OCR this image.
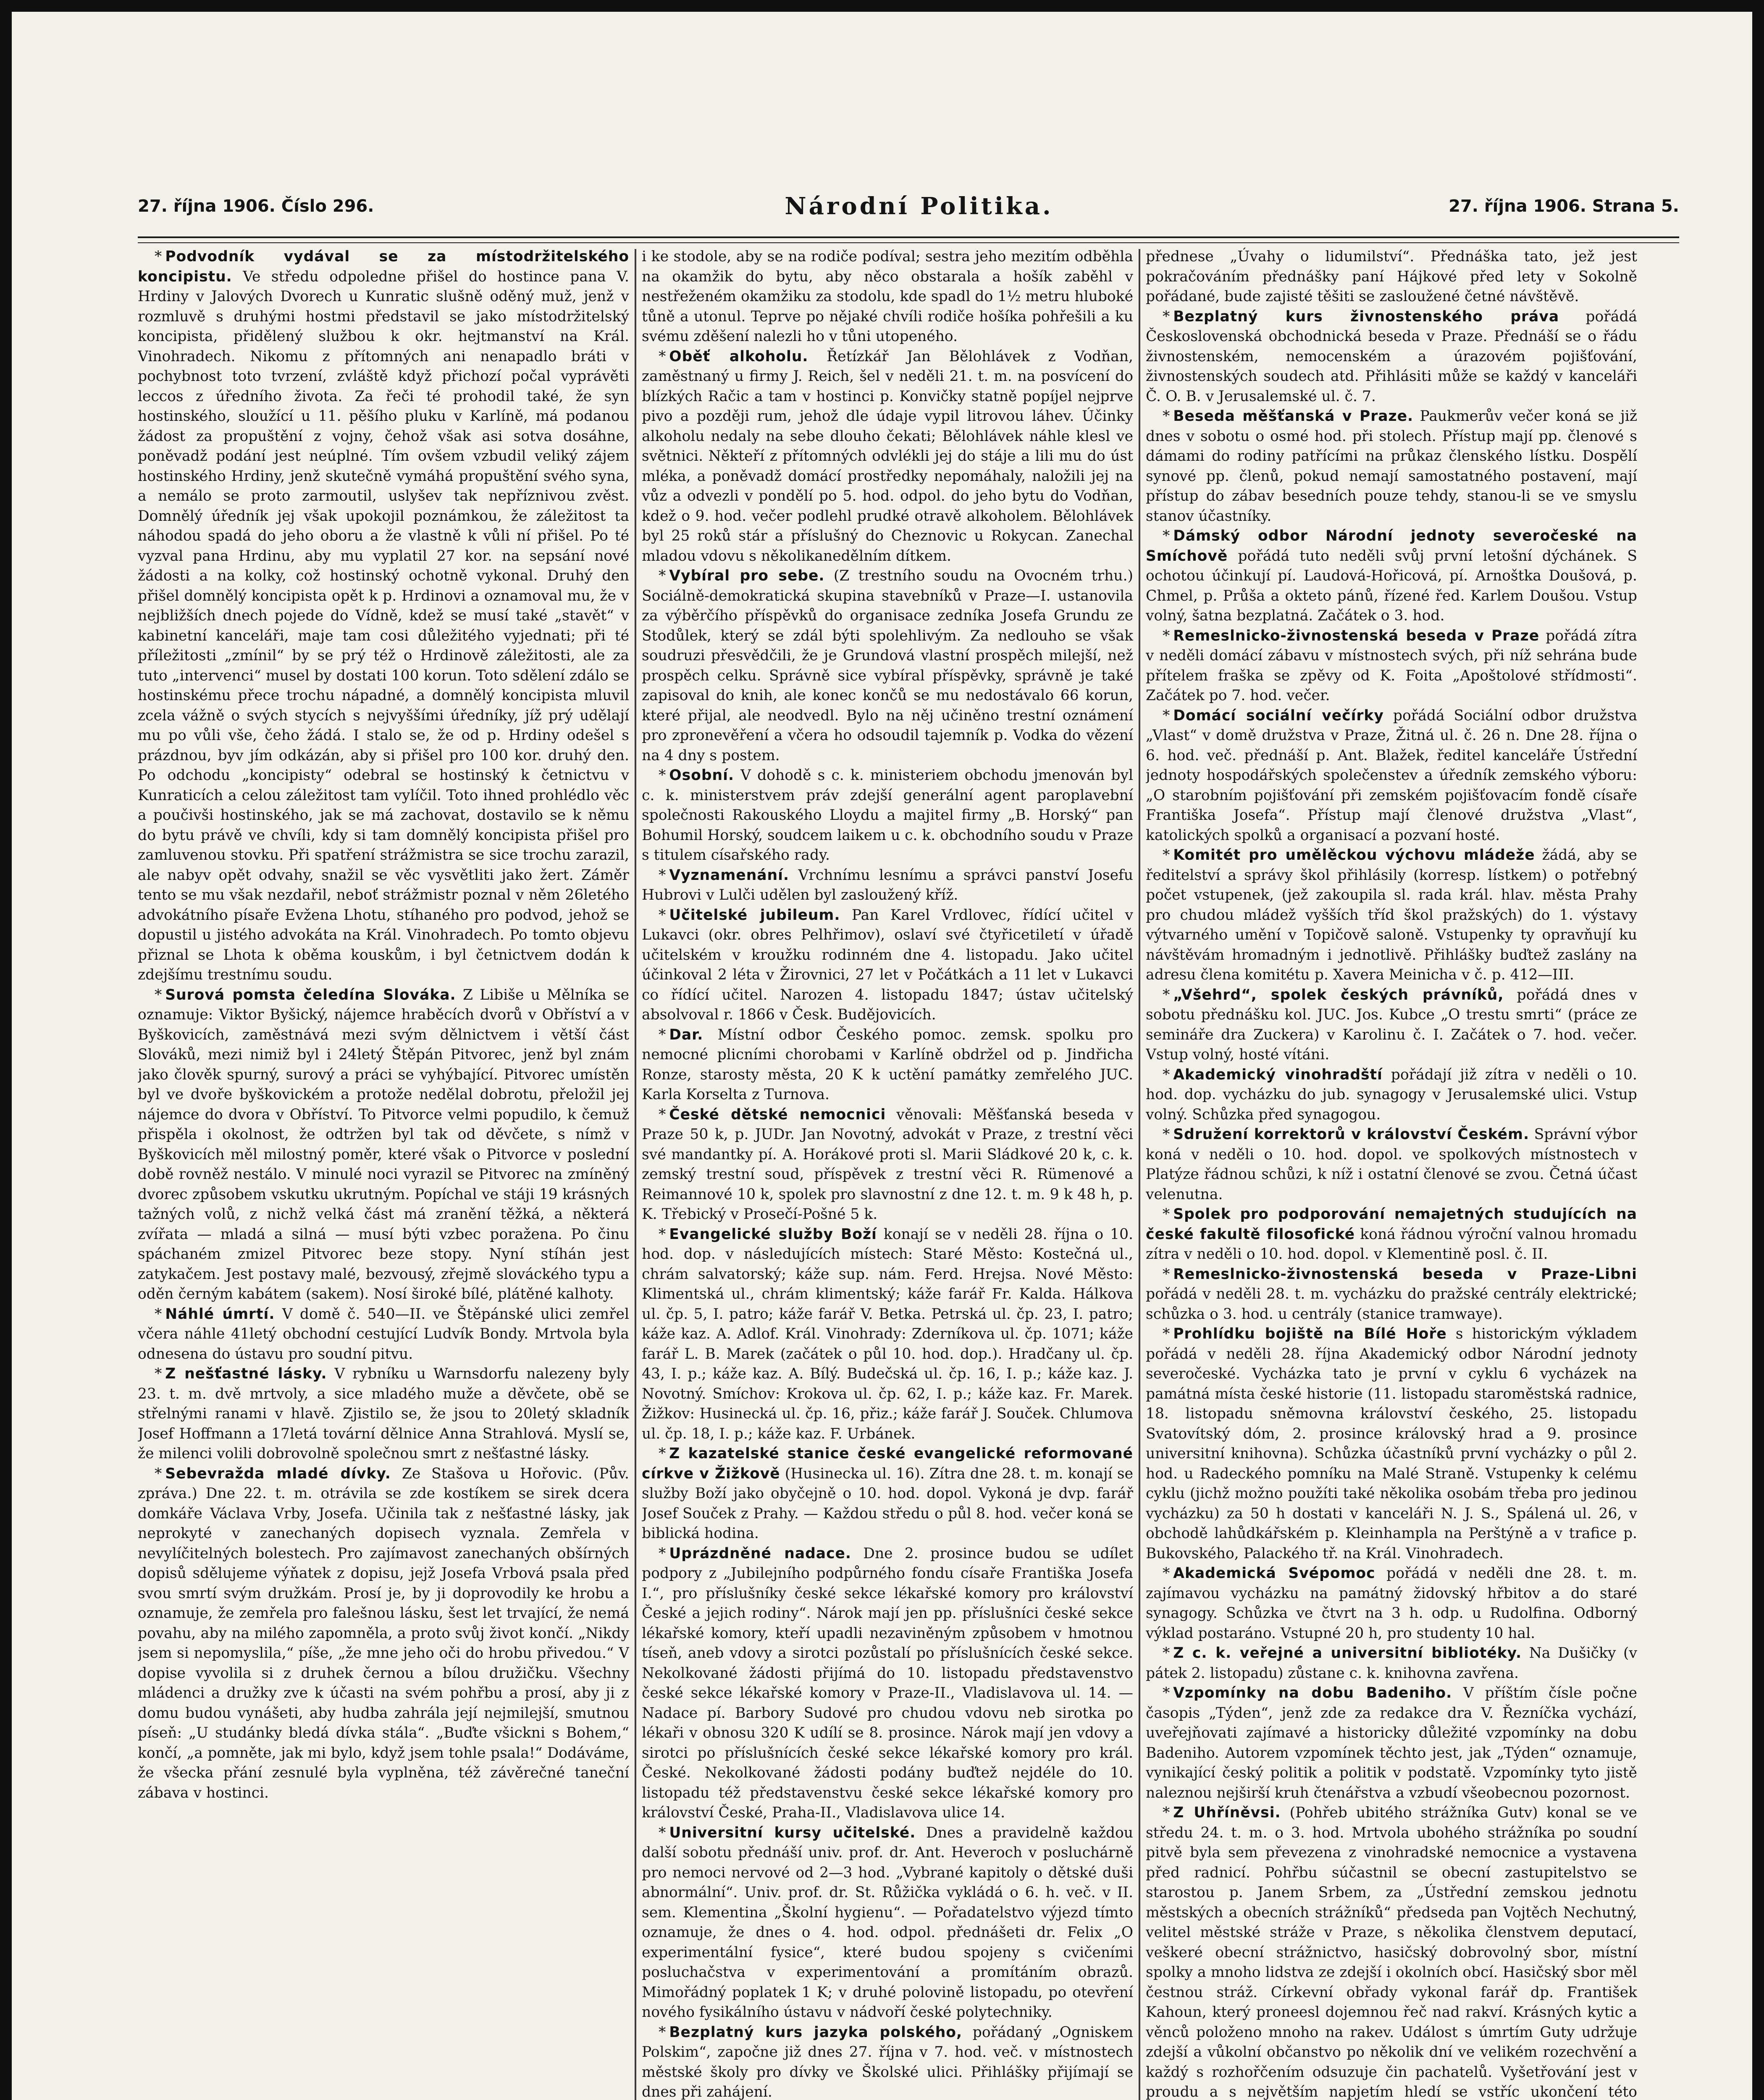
27. října 1906. Číslo 296.	Národní Politika.	27. října 1906. Strana 5.

* Podvodník vydával se za místodržitelského koncipistu. Ve středu odpoledne přišel do hostince pana V. Hrdiny v Jalových Dvorech u Kunratic slušně oděný muž, jenž v rozmluvě s druhými hostmi představil se jako místodržitelský koncipista, přidělený službou k okr. hejtmanství na Král. Vinohradech. Nikomu z přítomných ani nenapadlo bráti v pochybnost toto tvrzení, zvláště když přichozí počal vyprávěti leccos z úředního života. Za řeči té prohodil také, že syn hostinského, sloužící u 11. pěšího pluku v Karlíně, má podanou žádost za propuštění z vojny, čehož však asi sotva dosáhne, poněvadž podání jest neúplné. Tím ovšem vzbudil veliký zájem hostinského Hrdiny, jenž skutečně vymáhá propuštění svého syna, a nemálo se proto zarmoutil, uslyšev tak nepříznivou zvěst. Domnělý úředník jej však upokojil poznámkou, že záležitost ta náhodou spadá do jeho oboru a že vlastně k vůli ní přišel. Po té vyzval pana Hrdinu, aby mu vyplatil 27 kor. na sepsání nové žádosti a na kolky, což hostinský ochotně vykonal. Druhý den přišel domnělý koncipista opět k p. Hrdinovi a oznamoval mu, že v nejbližších dnech pojede do Vídně, kdež se musí také „stavět“ v kabinetní kanceláři, maje tam cosi důležitého vyjednati; při té příležitosti „zmínil“ by se prý též o Hrdinově záležitosti, ale za tuto „intervenci“ musel by dostati 100 korun. Toto sdělení zdálo se hostinskému přece trochu nápadné, a domnělý koncipista mluvil zcela vážně o svých stycích s nejvyššími úředníky, jíž prý udělají mu po vůli vše, čeho žádá. I stalo se, že od p. Hrdiny odešel s prázdnou, byv jím odkázán, aby si přišel pro 100 kor. druhý den. Po odchodu „koncipisty“ odebral se hostinský k četnictvu v Kunraticích a celou záležitost tam vylíčil. Toto ihned prohlédlo věc a poučivši hostinského, jak se má zachovat, dostavilo se k němu do bytu právě ve chvíli, kdy si tam domnělý koncipista přišel pro zamluvenou stovku. Při spatření strážmistra se sice trochu zarazil, ale nabyv opět odvahy, snažil se věc vysvětliti jako žert. Záměr tento se mu však nezdařil, neboť strážmistr poznal v něm 26letého advokátního písaře Evžena Lhotu, stíhaného pro podvod, jehož se dopustil u jistého advokáta na Král. Vinohradech. Po tomto objevu přiznal se Lhota k oběma kouskům, i byl četnictvem dodán k zdejšímu trestnímu soudu.

* Surová pomsta čeledína Slováka. Z Libiše u Mělníka se oznamuje: Viktor Byšický, nájemce hraběcích dvorů v Obříství a v Byškovicích, zaměstnává mezi svým dělnictvem i větší část Slováků, mezi nimiž byl i 24letý Štěpán Pitvorec, jenž byl znám jako člověk spurný, surový a práci se vyhýbající. Pitvorec umístěn byl ve dvoře byškovickém a protože nedělal dobrotu, přeložil jej nájemce do dvora v Obříství. To Pitvorce velmi popudilo, k čemuž přispěla i okolnost, že odtržen byl tak od děvčete, s nímž v Byškovicích měl milostný poměr, které však o Pitvorce v poslední době rovněž nestálo. V minulé noci vyrazil se Pitvorec na zmíněný dvorec způsobem vskutku ukrutným. Popíchal ve stáji 19 krásných tažných volů, z nichž velká část má zranění těžká, a některá zvířata — mladá a silná — musí býti vzbec poražena. Po činu spáchaném zmizel Pitvorec beze stopy. Nyní stíhán jest zatykačem. Jest postavy malé, bezvousý, zřejmě slováckého typu a oděn černým kabátem (sakem). Nosí široké bílé, plátěné kalhoty.

* Náhlé úmrtí. V domě č. 540—II. ve Štěpánské ulici zemřel včera náhle 41letý obchodní cestující Ludvík Bondy. Mrtvola byla odnesena do ústavu pro soudní pitvu.

* Z nešťastné lásky. V rybníku u Warnsdorfu nalezeny byly 23. t. m. dvě mrtvoly, a sice mladého muže a děvčete, obě se střelnými ranami v hlavě. Zjistilo se, že jsou to 20letý skladník Josef Hoffmann a 17letá tovární dělnice Anna Strahlová. Myslí se, že milenci volili dobrovolně společnou smrt z nešťastné lásky.

* Sebevražda mladé dívky. Ze Stašova u Hořovic. (Pův. zpráva.) Dne 22. t. m. otrávila se zde kostíkem se sirek dcera domkáře Václava Vrby, Josefa. Učinila tak z nešťastné lásky, jak neprokyté v zanechaných dopisech vyznala. Zemřela v nevylíčitelných bolestech. Pro zajímavost zanechaných obšírných dopisů sdělujeme výňatek z dopisu, jejž Josefa Vrbová psala před svou smrtí svým družkám. Prosí je, by ji doprovodily ke hrobu a oznamuje, že zemřela pro falešnou lásku, šest let trvající, že nemá povahu, aby na milého zapomněla, a proto svůj život končí. „Nikdy jsem si nepomyslila,“ píše, „že mne jeho oči do hrobu přivedou.“ V dopise vyvolila si z druhek černou a bílou družičku. Všechny mládenci a družky zve k účasti na svém pohřbu a prosí, aby ji z domu budou vynášeti, aby hudba zahrála její nejmilejší, smutnou píseň: „U studánky bledá dívka stála“. „Buďte všickni s Bohem,“ končí, „a pomněte, jak mi bylo, když jsem tohle psala!“ Dodáváme, že všecka přání zesnulé byla vyplněna, též závěrečné taneční zábava v hostinci.

i ke stodole, aby se na rodiče podíval; sestra jeho mezitím odběhla na okamžik do bytu, aby něco obstarala a hošík zaběhl v nestřeženém okamžiku za stodolu, kde spadl do 1½ metru hluboké tůně a utonul. Teprve po nějaké chvíli rodiče hošíka pohřešili a ku svému zděšení nalezli ho v tůni utopeného.

* Oběť alkoholu. Řetízkář Jan Bělohlávek z Vodňan, zaměstnaný u firmy J. Reich, šel v neděli 21. t. m. na posvícení do blízkých Račic a tam v hostinci p. Konvičky statně popíjel nejprve pivo a později rum, jehož dle údaje vypil litrovou láhev. Účinky alkoholu nedaly na sebe dlouho čekati; Bělohlávek náhle klesl ve světnici. Někteří z přítomných odvlékli jej do stáje a lili mu do úst mléka, a poněvadž domácí prostředky nepomáhaly, naložili jej na vůz a odvezli v pondělí po 5. hod. odpol. do jeho bytu do Vodňan, kdež o 9. hod. večer podlehl prudké otravě alkoholem. Bělohlávek byl 25 roků stár a příslušný do Cheznovic u Rokycan. Zanechal mladou vdovu s několikanedělním dítkem.

* Vybíral pro sebe. (Z trestního soudu na Ovocném trhu.) Sociálně-demokratická skupina stavebníků v Praze—I. ustanovila za výběrčího příspěvků do organisace zedníka Josefa Grundu ze Stodůlek, který se zdál býti spolehlivým. Za nedlouho se však soudruzi přesvědčili, že je Grundová vlastní prospěch milejší, než prospěch celku. Správně sice vybíral příspěvky, správně je také zapisoval do knih, ale konec končů se mu nedostávalo 66 korun, které přijal, ale neodvedl. Bylo na něj učiněno trestní oznámení pro zpronevěření a včera ho odsoudil tajemník p. Vodka do vězení na 4 dny s postem.

* Osobní. V dohodě s c. k. ministeriem obchodu jmenován byl c. k. ministerstvem práv zdejší generální agent paroplavební společnosti Rakouského Lloydu a majitel firmy „B. Horský“ pan Bohumil Horský, soudcem laikem u c. k. obchodního soudu v Praze s titulem císařského rady.

* Vyznamenání. Vrchnímu lesnímu a správci panství Josefu Hubrovi v Lulči udělen byl zasloužený kříž.

* Učitelské jubileum. Pan Karel Vrdlovec, řídící učitel v Lukavci (okr. obres Pelhřimov), oslaví své čtyřicetiletí v úřadě učitelském v kroužku rodinném dne 4. listopadu. Jako učitel účinkoval 2 léta v Žirovnici, 27 let v Počátkách a 11 let v Lukavci co řídící učitel. Narozen 4. listopadu 1847; ústav učitelský absolvoval r. 1866 v Česk. Budějovicích.

* Dar. Místní odbor Českého pomoc. zemsk. spolku pro nemocné plicními chorobami v Karlíně obdržel od p. Jindřicha Ronze, starosty města, 20 K k uctění památky zemřelého JUC. Karla Korselta z Turnova.

* České dětské nemocnici věnovali: Měšťanská beseda v Praze 50 k, p. JUDr. Jan Novotný, advokát v Praze, z trestní věci své mandantky pí. A. Horákové proti sl. Marii Sládkové 20 k, c. k. zemský trestní soud, příspěvek z trestní věci R. Rümenové a Reimannové 10 k, spolek pro slavnostní z dne 12. t. m. 9 k 48 h, p. K. Třebický v Prosečí-Pošné 5 k.

* Evangelické služby Boží konají se v neděli 28. října o 10. hod. dop. v následujících místech: Staré Město: Kostečná ul., chrám salvatorský; káže sup. nám. Ferd. Hrejsa. Nové Město: Klimentská ul., chrám klimentský; káže farář Fr. Kalda. Hálkova ul. čp. 5, I. patro; káže farář V. Betka. Petrská ul. čp. 23, I. patro; káže kaz. A. Adlof. Král. Vinohrady: Zderníkova ul. čp. 1071; káže farář L. B. Marek (začátek o půl 10. hod. dop.). Hradčany ul. čp. 43, I. p.; káže kaz. A. Bílý. Budečská ul. čp. 16, I. p.; káže kaz. J. Novotný. Smíchov: Krokova ul. čp. 62, I. p.; káže kaz. Fr. Marek. Žižkov: Husinecká ul. čp. 16, přiz.; káže farář J. Souček. Chlumova ul. čp. 18, I. p.; káže kaz. F. Urbánek.

* Z kazatelské stanice české evangelické reformované církve v Žižkově (Husinecka ul. 16). Zítra dne 28. t. m. konají se služby Boží jako obyčejně o 10. hod. dopol. Vykoná je dvp. farář Josef Souček z Prahy. — Každou středu o půl 8. hod. večer koná se biblická hodina.

* Uprázdněné nadace. Dne 2. prosince budou se udílet podpory z „Jubilejního podpůrného fondu císaře Františka Josefa I.“, pro příslušníky české sekce lékařské komory pro království České a jejich rodiny“. Nárok mají jen pp. příslušníci české sekce lékařské komory, kteří upadli nezaviněným způsobem v hmotnou tíseň, aneb vdovy a sirotci pozůstalí po příslušnících české sekce. Nekolkované žádosti přijímá do 10. listopadu představenstvo české sekce lékařské komory v Praze-II., Vladislavova ul. 14. — Nadace pí. Barbory Sudové pro chudou vdovu neb sirotka po lékaři v obnosu 320 K udílí se 8. prosince. Nárok mají jen vdovy a sirotci po příslušnících české sekce lékařské komory pro král. České. Nekolkované žádosti podány buďtež nejdéle do 10. listopadu též představenstvu české sekce lékařské komory pro království České, Praha-II., Vladislavova ulice 14.

* Universitní kursy učitelské. Dnes a pravidelně každou další sobotu přednáší univ. prof. dr. Ant. Heveroch v posluchárně pro nemoci nervové od 2—3 hod. „Vybrané kapitoly o dětské duši abnormální“. Univ. prof. dr. St. Růžička vykládá o 6. h. več. v II. sem. Klementina „Školní hygienu“. — Pořadatelstvo výjezd tímto oznamuje, že dnes o 4. hod. odpol. přednášeti dr. Felix „O experimentální fysice“, které budou spojeny s cvičeními posluchačstva v experimentování a promítáním obrazů. Mimořádný poplatek 1 K; v druhé polovině listopadu, po otevření nového fysikálního ústavu v nádvoří české polytechniky.

* Bezplatný kurs jazyka polského, pořádaný „Ogniskem Polskim“, započne již dnes 27. října v 7. hod. več. v místnostech městské školy pro dívky ve Školské ulici. Přihlášky přijímají se dnes při zahájení.

přednese „Úvahy o lidumilství“. Přednáška tato, jež jest pokračováním přednášky paní Hájkové před lety v Sokolně pořádané, bude zajisté těšiti se zasloužené četné návštěvě.

* Bezplatný kurs živnostenského práva pořádá Československá obchodnická beseda v Praze. Přednáší se o řádu živnostenském, nemocenském a úrazovém pojišťování, živnostenských soudech atd. Přihlásiti může se každý v kanceláři Č. O. B. v Jerusalemské ul. č. 7.

* Beseda měšťanská v Praze. Paukmerův večer koná se již dnes v sobotu o osmé hod. při stolech. Přístup mají pp. členové s dámami do rodiny patřícími na průkaz členského lístku. Dospělí synové pp. členů, pokud nemají samostatného postavení, mají přístup do zábav besedních pouze tehdy, stanou-li se ve smyslu stanov účastníky.

* Dámský odbor Národní jednoty severočeské na Smíchově pořádá tuto neděli svůj první letošní dýchánek. S ochotou účinkují pí. Laudová-Hořicová, pí. Arnoštka Doušová, p. Chmel, p. Průša a okteto pánů, řízené řed. Karlem Doušou. Vstup volný, šatna bezplatná. Začátek o 3. hod.

* Remeslnicko-živnostenská beseda v Praze pořádá zítra v neděli domácí zábavu v místnostech svých, při níž sehrána bude přítelem fraška se zpěvy od K. Foita „Apoštolové střídmosti“. Začátek po 7. hod. večer.

* Domácí sociální večírky pořádá Sociální odbor družstva „Vlast“ v domě družstva v Praze, Žitná ul. č. 26 n. Dne 28. října o 6. hod. več. přednáší p. Ant. Blažek, ředitel kanceláře Ústřední jednoty hospodářských společenstev a úředník zemského výboru: „O starobním pojišťování při zemském pojišťovacím fondě císaře Františka Josefa“. Přístup mají členové družstva „Vlast“, katolických spolků a organisací a pozvaní hosté.

* Komitét pro umělěckou výchovu mládeže žádá, aby se ředitelství a správy škol přihlásily (korresp. lístkem) o potřebný počet vstupenek, (jež zakoupila sl. rada král. hlav. města Prahy pro chudou mládež vyšších tříd škol pražských) do 1. výstavy výtvarného umění v Topičově saloně. Vstupenky ty opravňují ku návštěvám hromadným i jednotlivě. Přihlášky buďtež zaslány na adresu člena komitétu p. Xavera Meinicha v č. p. 412—III.

* „Všehrd“, spolek českých právníků, pořádá dnes v sobotu přednášku kol. JUC. Jos. Kubce „O trestu smrti“ (práce ze semináře dra Zuckera) v Karolinu č. I. Začátek o 7. hod. večer. Vstup volný, hosté vítáni.

* Akademický vinohradští pořádají již zítra v neděli o 10. hod. dop. vycházku do jub. synagogy v Jerusalemské ulici. Vstup volný. Schůzka před synagogou.

* Sdružení korrektorů v království Českém. Správní výbor koná v neděli o 10. hod. dopol. ve spolkových místnostech v Platýze řádnou schůzi, k níž i ostatní členové se zvou. Četná účast velenutna.

* Spolek pro podporování nemajetných studujících na české fakultě filosofické koná řádnou výroční valnou hromadu zítra v neděli o 10. hod. dopol. v Klementině posl. č. II.

* Remeslnicko-živnostenská beseda v Praze-Libni pořádá v neděli 28. t. m. vycházku do pražské centrály elektrické; schůzka o 3. hod. u centrály (stanice tramwaye).

* Prohlídku bojiště na Bílé Hoře s historickým výkladem pořádá v neděli 28. října Akademický odbor Národní jednoty severočeské. Vycházka tato je první v cyklu 6 vycházek na památná místa české historie (11. listopadu staroměstská radnice, 18. listopadu sněmovna království českého, 25. listopadu Svatovítský dóm, 2. prosince královský hrad a 9. prosince universitní knihovna). Schůzka účastníků první vycházky o půl 2. hod. u Radeckého pomníku na Malé Straně. Vstupenky k celému cyklu (jichž možno použíti také několika osobám třeba pro jedinou vycházku) za 50 h dostati v kanceláři N. J. S., Spálená ul. 26, v obchodě lahůdkářském p. Kleinhampla na Perštýně a v trafice p. Bukovského, Palackého tř. na Král. Vinohradech.

* Akademická Svépomoc pořádá v neděli dne 28. t. m. zajímavou vycházku na památný židovský hřbitov a do staré synagogy. Schůzka ve čtvrt na 3 h. odp. u Rudolfina. Odborný výklad postaráno. Vstupné 20 h, pro studenty 10 hal.

* Z c. k. veřejné a universitní bibliotéky. Na Dušičky (v pátek 2. listopadu) zůstane c. k. knihovna zavřena.

* Vzpomínky na dobu Badeniho. V příštím čísle počne časopis „Týden“, jenž zde za redakce dra V. Řezníčka vychází, uveřejňovati zajímavé a historicky důležité vzpomínky na dobu Badeniho. Autorem vzpomínek těchto jest, jak „Týden“ oznamuje, vynikající český politik a politik v podstatě. Vzpomínky tyto jistě naleznou nejširší kruh čtenářstva a vzbudí všeobecnou pozornost.

* Z Uhříněvsi. (Pohřeb ubitého strážníka Gutv) konal se ve středu 24. t. m. o 3. hod. Mrtvola ubohého strážníka po soudní pitvě byla sem převezena z vinohradské nemocnice a vystavena před radnicí. Pohřbu súčastnil se obecní zastupitelstvo se starostou p. Janem Srbem, za „Ústřední zemskou jednotu městských a obecních strážníků“ předseda pan Vojtěch Nechutný, velitel městské stráže v Praze, s několika členstvem deputací, veškeré obecní strážnictvo, hasičský dobrovolný sbor, místní spolky a mnoho lidstva ze zdejší i okolních obcí. Hasičský sbor měl čestnou stráž. Církevní obřady vykonal farář dp. František Kahoun, který proneesl dojemnou řeč nad rakví. Krásných kytic a věnců položeno mnoho na rakev. Událost s úmrtím Guty udržuje zdejší a vůkolní občanstvo po několik dní ve velikém rozechvění a každý s rozhořčením odsuzuje čin pachatelů. Vyšetřování jest v proudu a s největším napjetím hledí se vstříc ukončení této
